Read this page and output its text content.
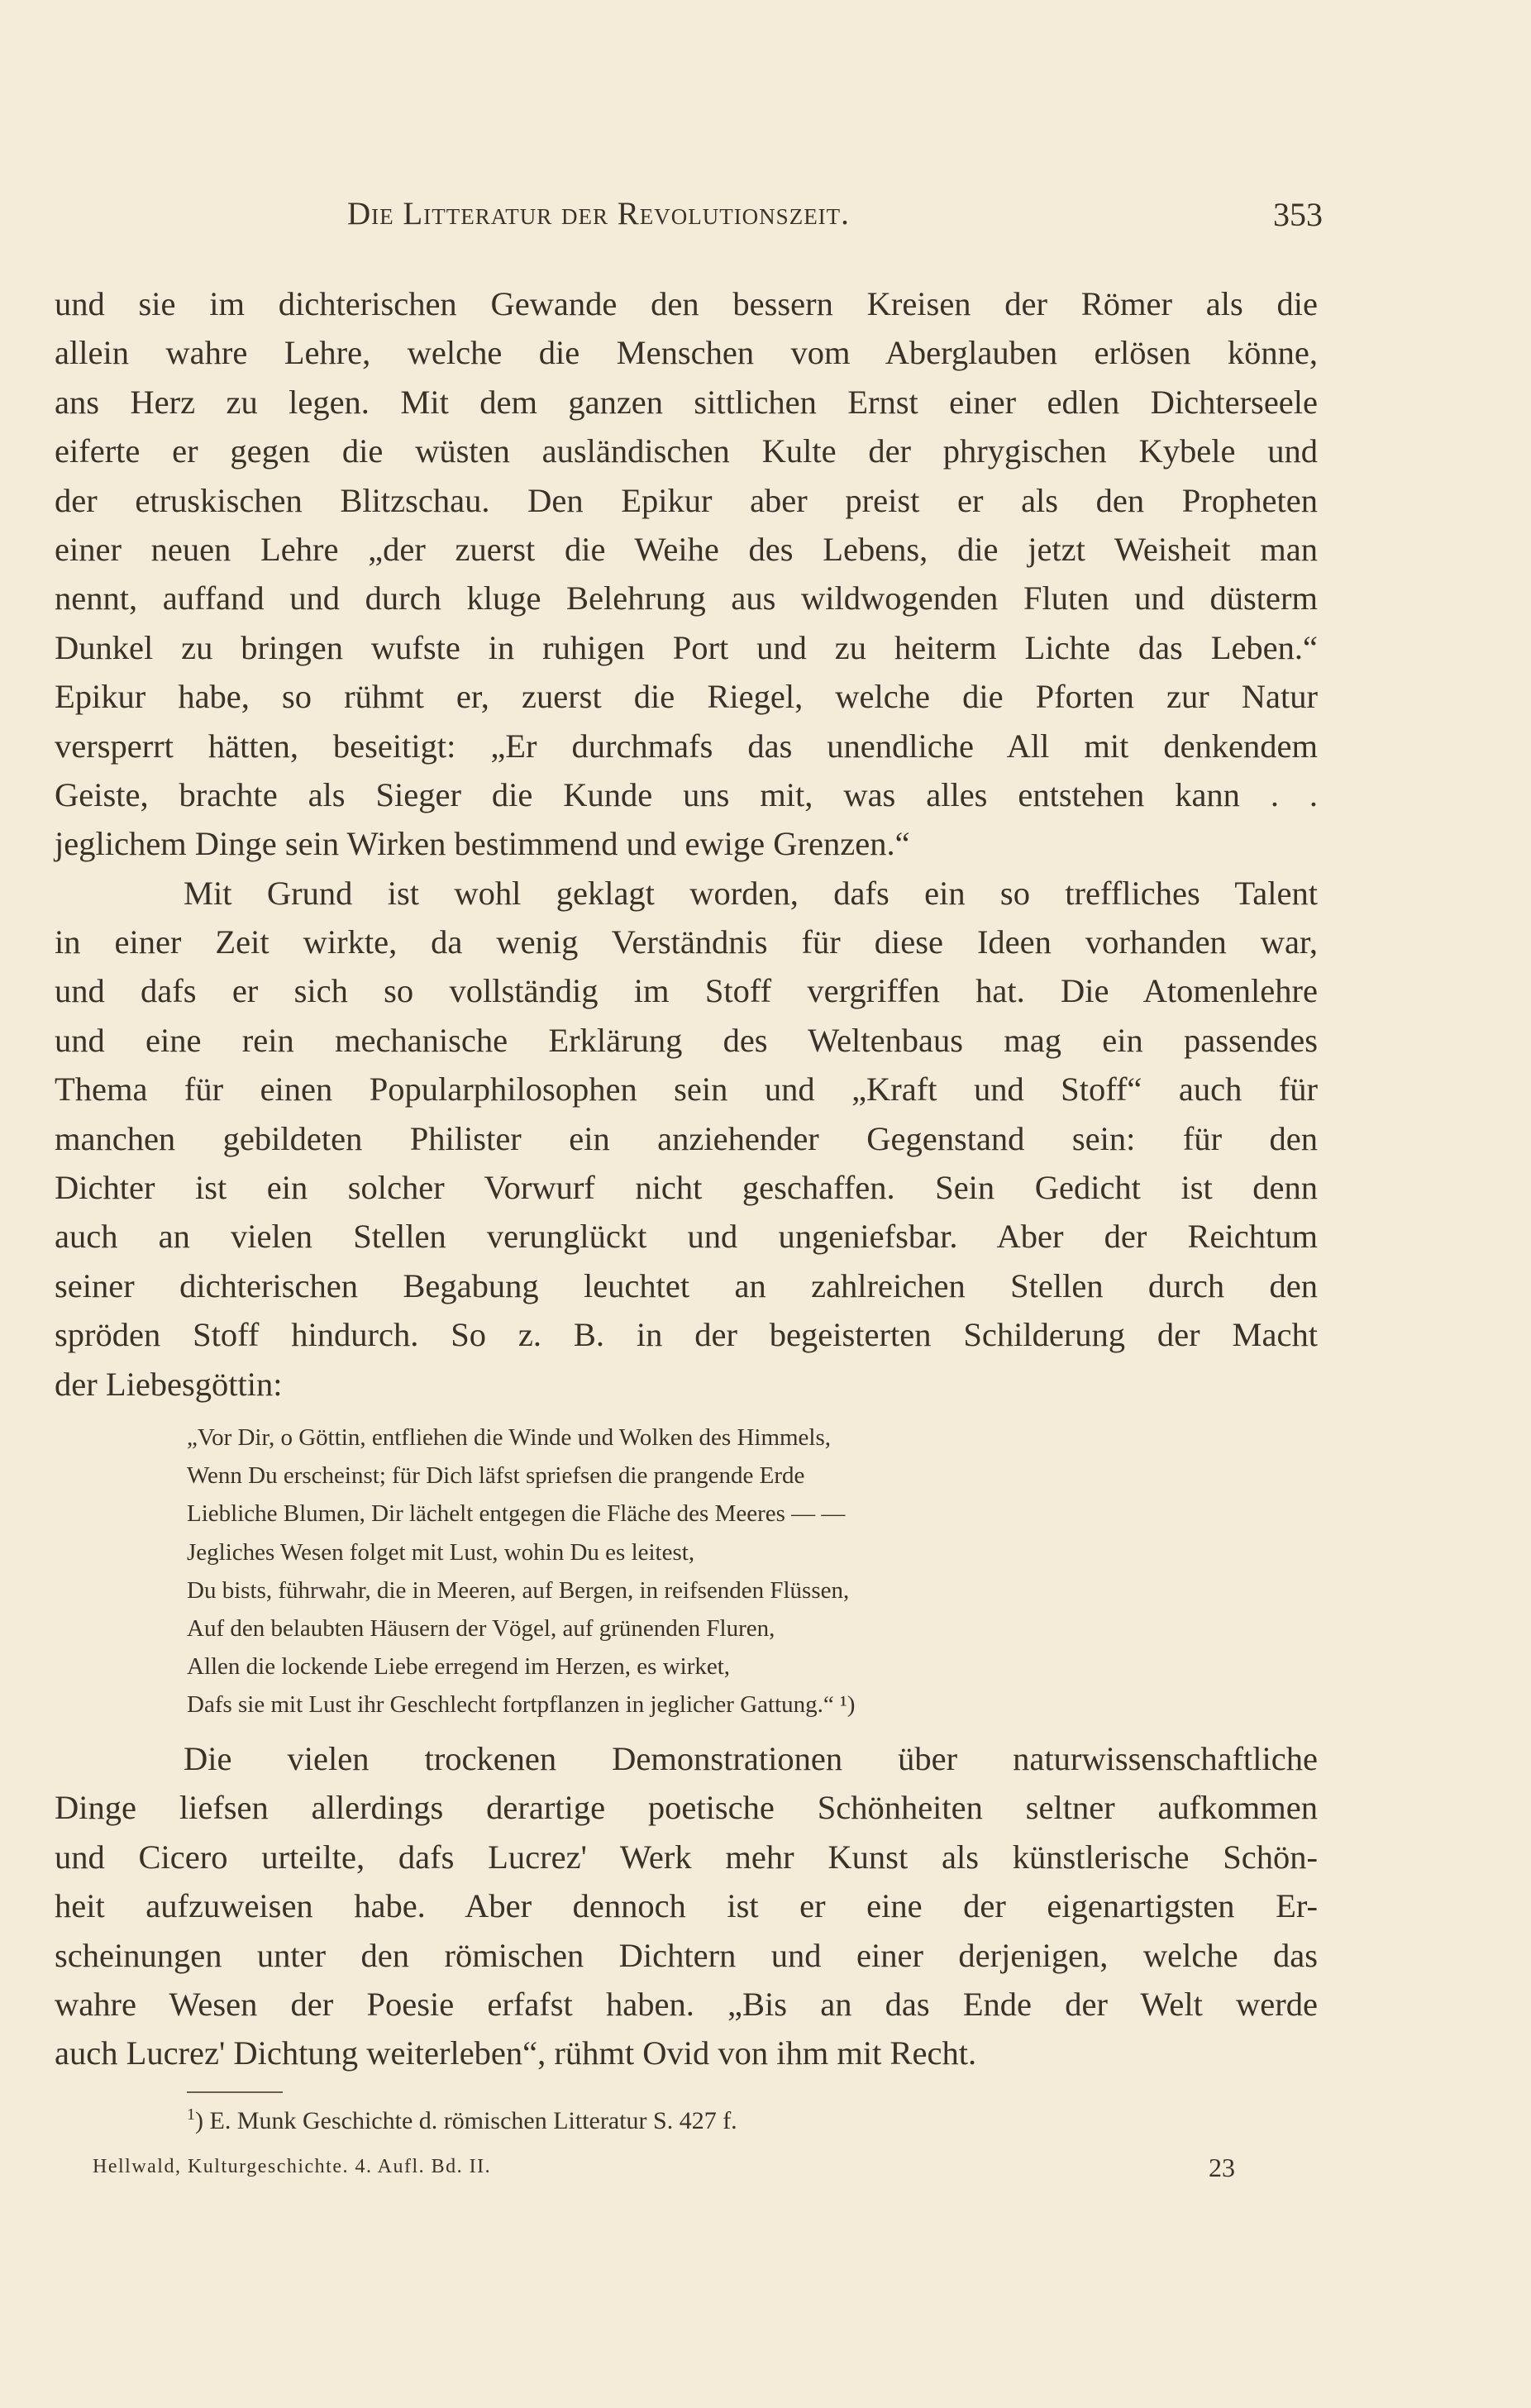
Die Litteratur der Revolutionszeit.	353
und sie im dichterischen Gewande den bessern Kreisen der Römer als die
allein wahre Lehre, welche die Menschen vom Aberglauben erlösen könne,
ans Herz zu legen. Mit dem ganzen sittlichen Ernst einer edlen Dichterseele
eiferte er gegen die wüsten ausländischen Kulte der phrygischen Kybele und
der etruskischen Blitzschau. Den Epikur aber preist er als den Propheten
einer neuen Lehre „der zuerst die Weihe des Lebens, die jetzt Weisheit man
nennt, auffand und durch kluge Belehrung aus wildwogenden Fluten und düsterm
Dunkel zu bringen wufste in ruhigen Port und zu heiterm Lichte das Leben.“
Epikur habe, so rühmt er, zuerst die Riegel, welche die Pforten zur Natur
versperrt hätten, beseitigt: „Er durchmafs das unendliche All mit denkendem
Geiste, brachte als Sieger die Kunde uns mit, was alles entstehen kann . .
jeglichem Dinge sein Wirken bestimmend und ewige Grenzen.“
Mit Grund ist wohl geklagt worden, dafs ein so treffliches Talent
in einer Zeit wirkte, da wenig Verständnis für diese Ideen vorhanden war,
und dafs er sich so vollständig im Stoff vergriffen hat. Die Atomenlehre
und eine rein mechanische Erklärung des Weltenbaus mag ein passendes
Thema für einen Popularphilosophen sein und „Kraft und Stoff“ auch für
manchen gebildeten Philister ein anziehender Gegenstand sein: für den
Dichter ist ein solcher Vorwurf nicht geschaffen. Sein Gedicht ist denn
auch an vielen Stellen verunglückt und ungeniefsbar. Aber der Reichtum
seiner dichterischen Begabung leuchtet an zahlreichen Stellen durch den
spröden Stoff hindurch. So z. B. in der begeisterten Schilderung der Macht
der Liebesgöttin:
„Vor Dir, o Göttin, entfliehen die Winde und Wolken des Himmels,
Wenn Du erscheinst; für Dich läfst spriefsen die prangende Erde
Liebliche Blumen, Dir lächelt entgegen die Fläche des Meeres — —
Jegliches Wesen folget mit Lust, wohin Du es leitest,
Du bists, führwahr, die in Meeren, auf Bergen, in reifsenden Flüssen,
Auf den belaubten Häusern der Vögel, auf grünenden Fluren,
Allen die lockende Liebe erregend im Herzen, es wirket,
Dafs sie mit Lust ihr Geschlecht fortpflanzen in jeglicher Gattung.“ ¹)
Die vielen trockenen Demonstrationen über naturwissenschaftliche
Dinge liefsen allerdings derartige poetische Schönheiten seltner aufkommen
und Cicero urteilte, dafs Lucrez' Werk mehr Kunst als künstlerische Schön-
heit aufzuweisen habe. Aber dennoch ist er eine der eigenartigsten Er-
scheinungen unter den römischen Dichtern und einer derjenigen, welche das
wahre Wesen der Poesie erfafst haben. „Bis an das Ende der Welt werde
auch Lucrez' Dichtung weiterleben“, rühmt Ovid von ihm mit Recht.
$^1$) E. Munk Geschichte d. römischen Litteratur S. 427 f.
Hellwald, Kulturgeschichte. 4. Aufl. Bd. II.	23
